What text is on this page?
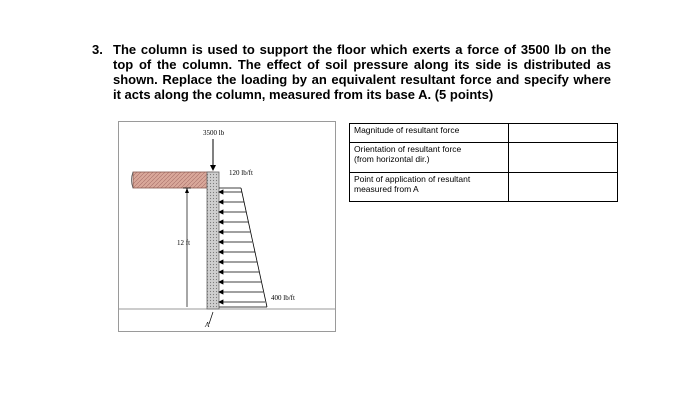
3. The column is used to support the floor which exerts a force of 3500 lb on the top of the column. The effect of soil pressure along its side is distributed as shown. Replace the loading by an equivalent resultant force and specify where it acts along the column, measured from its base A. (5 points)
3500 lb
120 lb/ft
400 lb/ft
12 ft
A
Magnitude of resultant force	

Orientation of resultant force
(from horizontal dir.)	

Point of application of resultant
measured from A	
